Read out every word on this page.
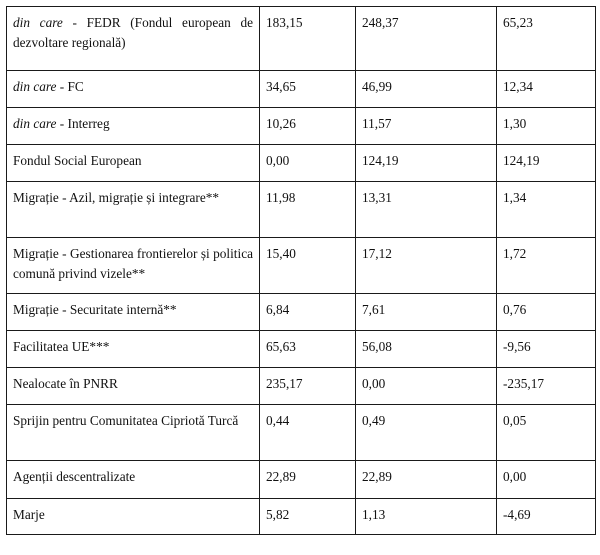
din care - FEDR (Fondul european de dezvoltare regională)	183,15	248,37	65,23
din care - FC	34,65	46,99	12,34
din care - Interreg	10,26	11,57	1,30
Fondul Social European	0,00	124,19	124,19
Migrație - Azil, migrație și integrare**	11,98	13,31	1,34
Migrație - Gestionarea frontierelor și politica comună privind vizele**	15,40	17,12	1,72
Migrație - Securitate internă**	6,84	7,61	0,76
Facilitatea UE***	65,63	56,08	-9,56
Nealocate în PNRR	235,17	0,00	-235,17
Sprijin pentru Comunitatea Cipriotă Turcă	0,44	0,49	0,05
Agenții descentralizate	22,89	22,89	0,00
Marje	5,82	1,13	-4,69
